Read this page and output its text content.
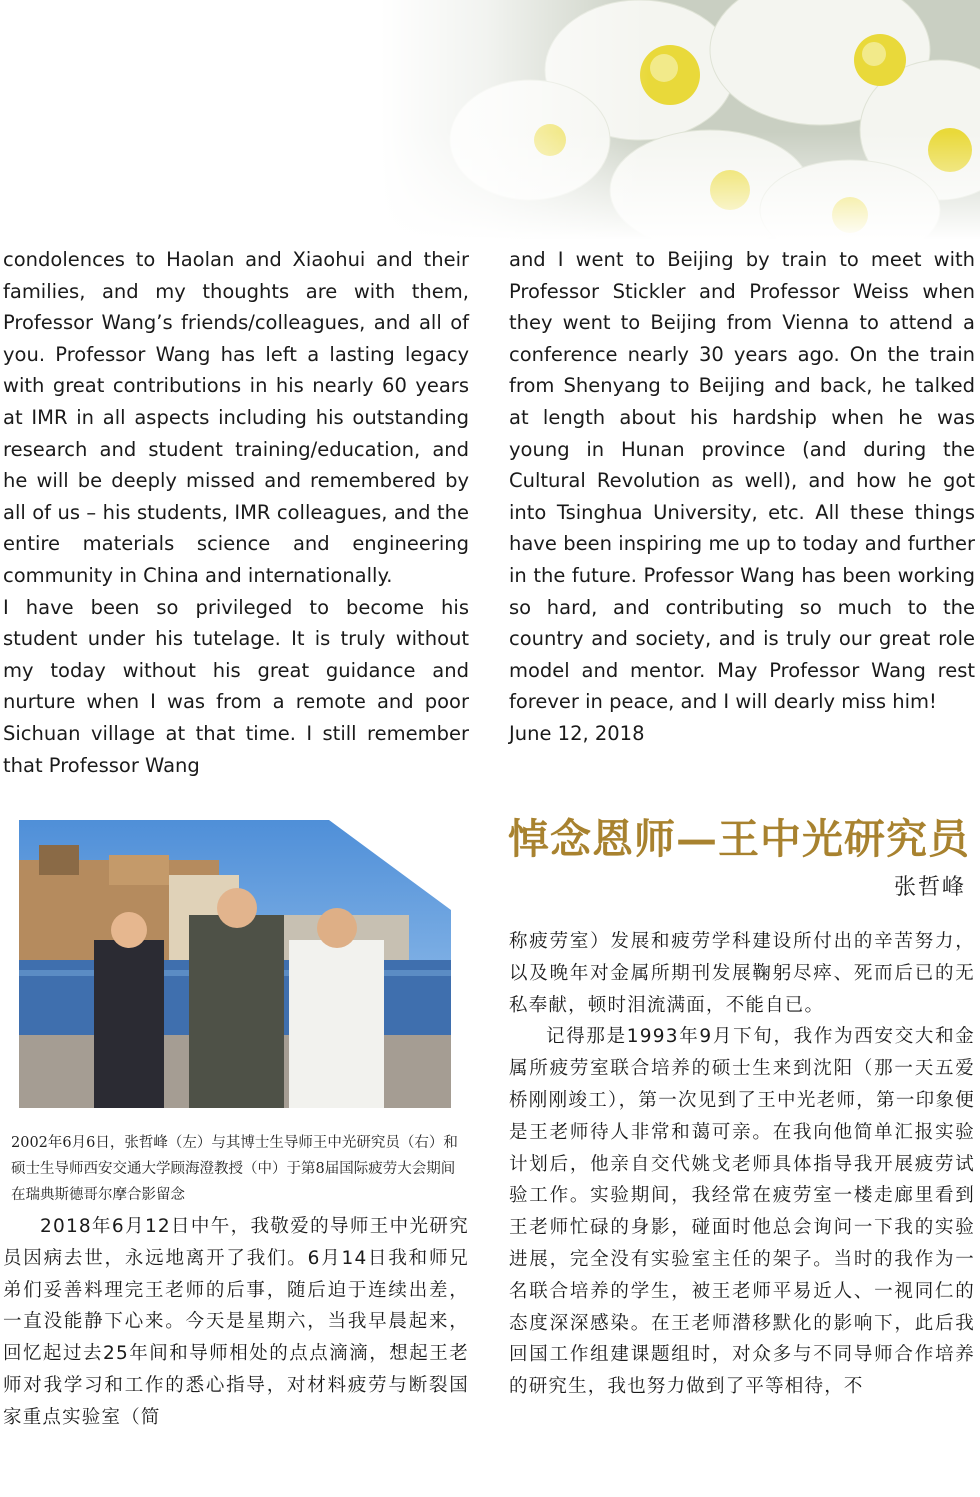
condolences to Haolan and Xiaohui and their families, and my thoughts are with them, Professor Wang’s friends/colleagues, and all of you. Professor Wang has left a lasting legacy with great contributions in his nearly 60 years at IMR in all aspects including his outstanding research and student training/education, and he will be deeply missed and remembered by all of us – his students, IMR colleagues, and the entire materials science and engineering community in China and internationally.

I have been so privileged to become his student under his tutelage. It is truly without my today without his great guidance and nurture when I was from a remote and poor Sichuan village at that time. I still remember that Professor Wang

and I went to Beijing by train to meet with Professor Stickler and Professor Weiss when they went to Beijing from Vienna to attend a conference nearly 30 years ago. On the train from Shenyang to Beijing and back, he talked at length about his hardship when he was young in Hunan province (and during the Cultural Revolution as well), and how he got into Tsinghua University, etc. All these things have been inspiring me up to today and further in the future. Professor Wang has been working so hard, and contributing so much to the country and society, and is truly our great role model and mentor. May Professor Wang rest forever in peace, and I will dearly miss him!

June 12, 2018

悼念恩师—王中光研究员
张哲峰

2002年6月6日，张哲峰（左）与其博士生导师王中光研究员（右）和硕士生导师西安交通大学顾海澄教授（中）于第8届国际疲劳大会期间在瑞典斯德哥尔摩合影留念

2018年6月12日中午，我敬爱的导师王中光研究员因病去世，永远地离开了我们。6月14日我和师兄弟们妥善料理完王老师的后事，随后迫于连续出差，一直没能静下心来。今天是星期六，当我早晨起来，回忆起过去25年间和导师相处的点点滴滴，想起王老师对我学习和工作的悉心指导，对材料疲劳与断裂国家重点实验室（简

称疲劳室）发展和疲劳学科建设所付出的辛苦努力，以及晚年对金属所期刊发展鞠躬尽瘁、死而后已的无私奉献，顿时泪流满面，不能自已。

记得那是1993年9月下旬，我作为西安交大和金属所疲劳室联合培养的硕士生来到沈阳（那一天五爱桥刚刚竣工），第一次见到了王中光老师，第一印象便是王老师待人非常和蔼可亲。在我向他简单汇报实验计划后，他亲自交代姚戈老师具体指导我开展疲劳试验工作。实验期间，我经常在疲劳室一楼走廊里看到王老师忙碌的身影，碰面时他总会询问一下我的实验进展，完全没有实验室主任的架子。当时的我作为一名联合培养的学生，被王老师平易近人、一视同仁的态度深深感染。在王老师潜移默化的影响下，此后我回国工作组建课题组时，对众多与不同导师合作培养的研究生，我也努力做到了平等相待，不
